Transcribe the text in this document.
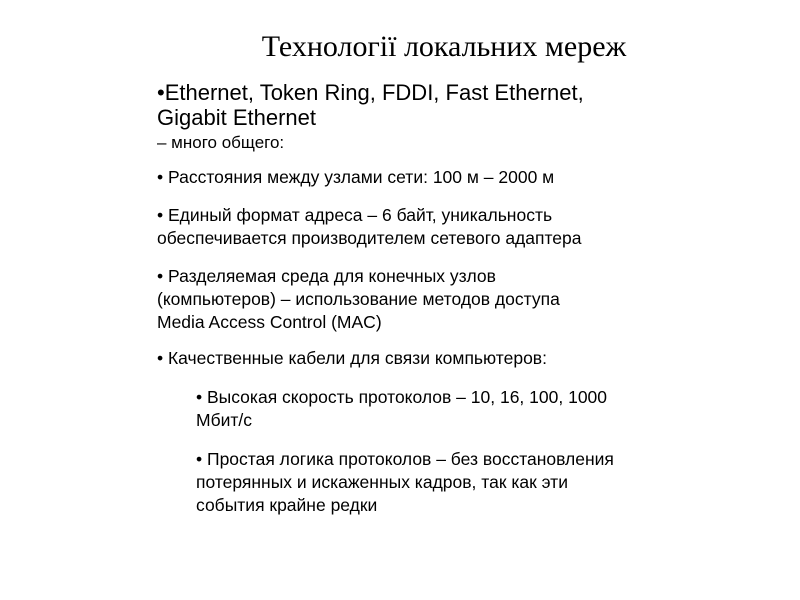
Технології локальних мереж

•Ethernet, Token Ring, FDDI, Fast Ethernet,

Gigabit Ethernet

– много общего:

• Расстояния между узлами сети: 100 м – 2000 м

• Единый формат адреса – 6 байт, уникальность

обеспечивается производителем сетевого адаптера

• Разделяемая среда для конечных узлов

(компьютеров) – использование методов доступа

Media Access Control (MAC)

• Качественные кабели для связи компьютеров:

• Высокая скорость протоколов – 10, 16, 100, 1000

Мбит/с

• Простая логика протоколов – без восстановления

потерянных и искаженных кадров, так как эти

события крайне редки
